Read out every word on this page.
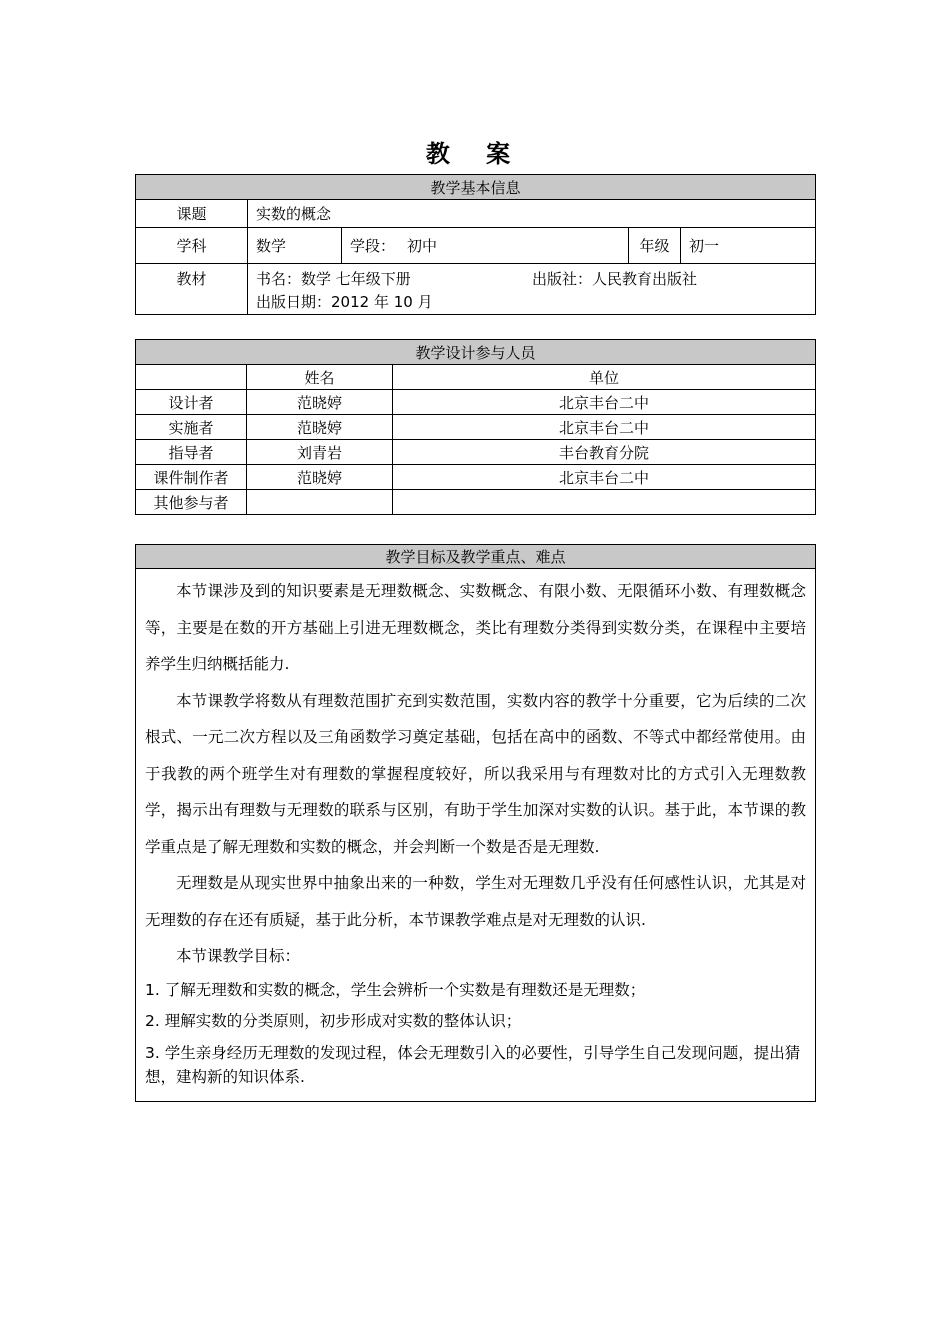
教 案
教学基本信息				
课题	实数的概念			
学科	数学	学段： 初中	年级	初一
教材	书名：数学 七年级下册 出版社：人民教育出版社
出版日期：2012 年 10 月			
教学设计参与人员		
	姓名	单位
设计者	范晓婷	北京丰台二中
实施者	范晓婷	北京丰台二中
指导者	刘青岩	丰台教育分院
课件制作者	范晓婷	北京丰台二中
其他参与者		
教学目标及教学重点、难点

本节课涉及到的知识要素是无理数概念、实数概念、有限小数、无限循环小数、有理数概念等，主要是在数的开方基础上引进无理数概念，类比有理数分类得到实数分类，在课程中主要培养学生归纳概括能力.

本节课教学将数从有理数范围扩充到实数范围，实数内容的教学十分重要，它为后续的二次根式、一元二次方程以及三角函数学习奠定基础，包括在高中的函数、不等式中都经常使用。由于我教的两个班学生对有理数的掌握程度较好，所以我采用与有理数对比的方式引入无理数教学，揭示出有理数与无理数的联系与区别，有助于学生加深对实数的认识。基于此，本节课的教学重点是了解无理数和实数的概念，并会判断一个数是否是无理数.

无理数是从现实世界中抽象出来的一种数，学生对无理数几乎没有任何感性认识，尤其是对无理数的存在还有质疑，基于此分析，本节课教学难点是对无理数的认识.

本节课教学目标：

1. 了解无理数和实数的概念，学生会辨析一个实数是有理数还是无理数；

2. 理解实数的分类原则，初步形成对实数的整体认识；

3. 学生亲身经历无理数的发现过程，体会无理数引入的必要性，引导学生自己发现问题，提出猜想，建构新的知识体系.
